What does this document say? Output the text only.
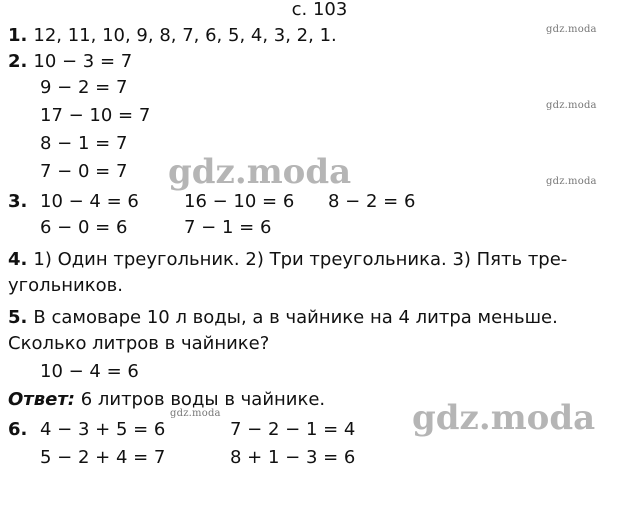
с. 103
gdz.moda
gdz.moda
gdz.moda
gdz.moda
gdz.moda
gdz.moda
1. 12, 11, 10, 9, 8, 7, 6, 5, 4, 3, 2, 1.
2. 10 − 3 = 7
9 − 2 = 7
17 − 10 = 7
8 − 1 = 7
7 − 0 = 7
3. 10 − 4 = 6	16 − 10 = 6 8 − 2 = 6
6 − 0 = 6	7 − 1 = 6
4. 1) Один треугольник. 2) Три треугольника. 3) Пять тре-
угольников.
5. В самоваре 10 л воды, а в чайнике на 4 литра меньше.
Сколько литров в чайнике?
10 − 4 = 6
Ответ: 6 литров воды в чайнике.
6. 4 − 3 + 5 = 6	7 − 2 − 1 = 4
5 − 2 + 4 = 7	8 + 1 − 3 = 6
